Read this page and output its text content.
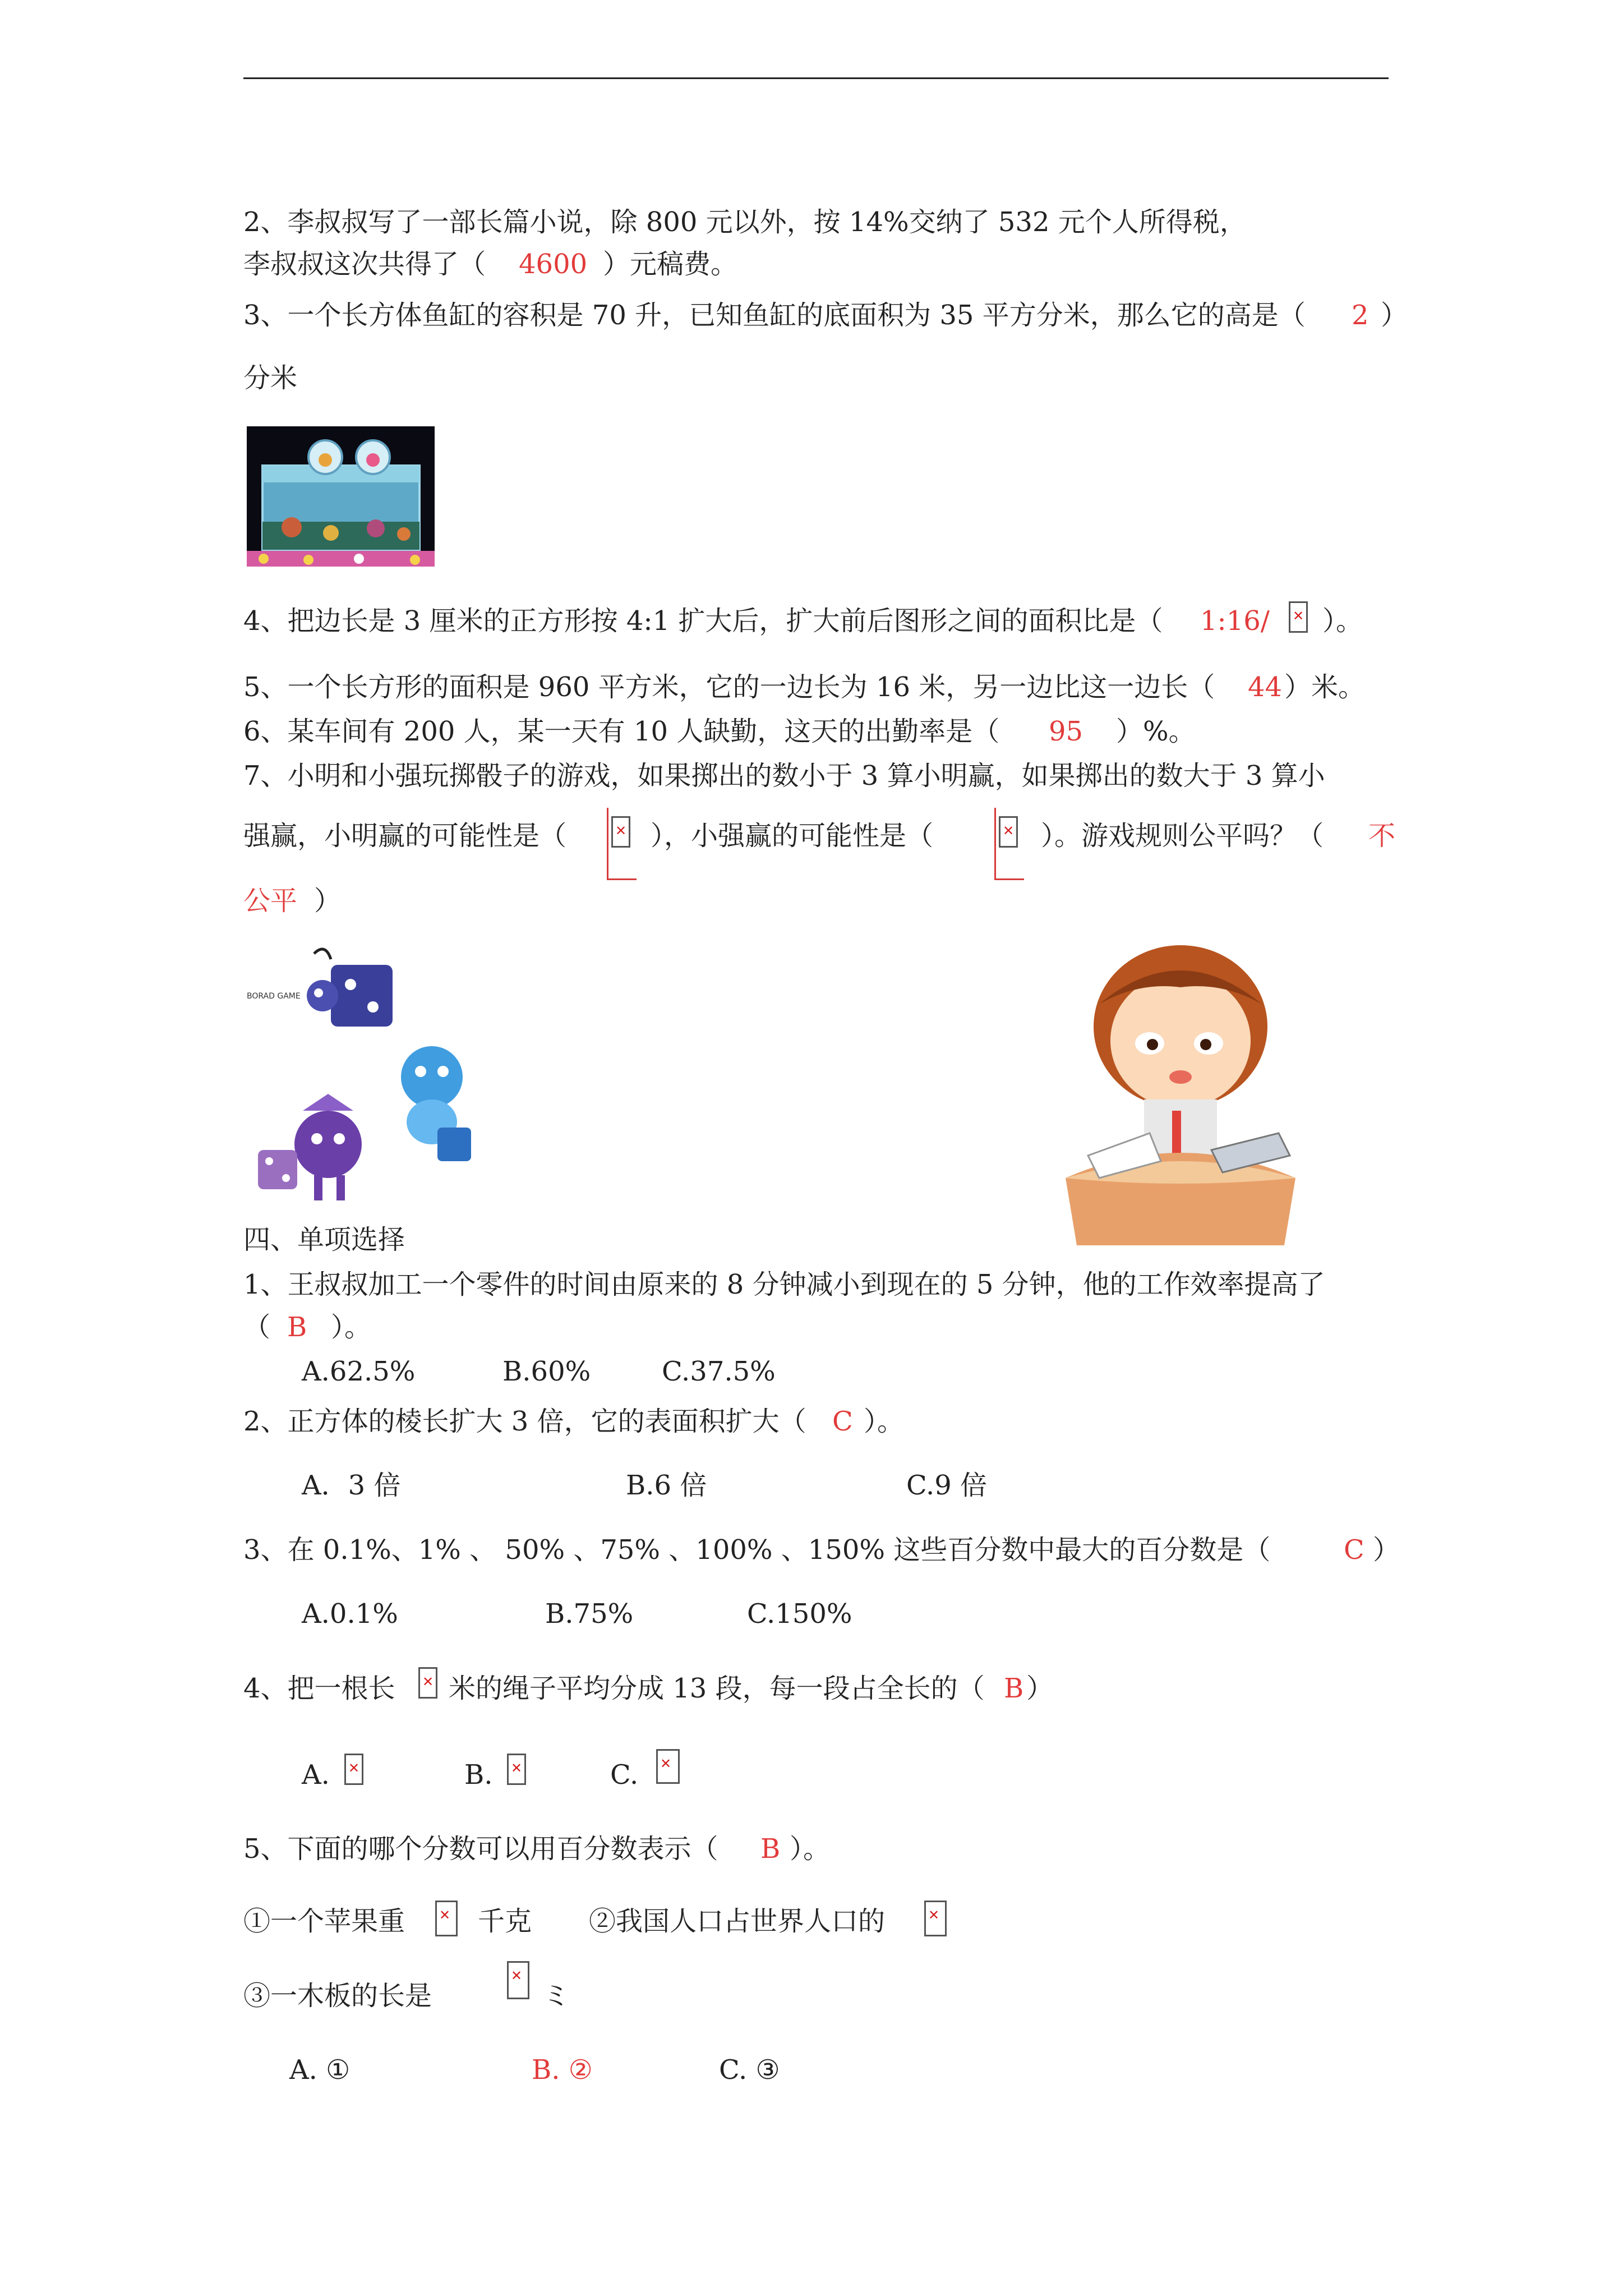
2、李叔叔写了一部长篇小说，除 800 元以外，按 14%交纳了 532 元个人所得税，
李叔叔这次共得了（ 4600 ）元稿费。
3、一个长方体鱼缸的容积是 70 升，已知鱼缸的底面积为 35 平方分米，那么它的高是（ 2 ）
分米
4、把边长是 3 厘米的正方形按 4:1 扩大后，扩大前后图形之间的面积比是（ 1:16/ ✕ ）。
5、一个长方形的面积是 960 平方米，它的一边长为 16 米，另一边比这一边长（ 44 ）米。
6、某车间有 200 人，某一天有 10 人缺勤，这天的出勤率是（ 95 ）%。
7、小明和小强玩掷骰子的游戏，如果掷出的数小于 3 算小明赢，如果掷出的数大于 3 算小
强赢，小明赢的可能性是（ ✕	），小强赢的可能性是（ ✕	）。游戏规则公平吗？（ 不
公平 ）
BORAD GAME
四、单项选择
1、王叔叔加工一个零件的时间由原来的 8 分钟减小到现在的 5 分钟，他的工作效率提高了
（ B ）。
A.62.5%	B.60%	C.37.5%
2、正方体的棱长扩大 3 倍，它的表面积扩大（ C ）。
A．3 倍	B.6 倍	C.9 倍
3、在 0.1%、1% 、 50% 、75% 、100% 、150% 这些百分数中最大的百分数是（	C ）
A.0.1%	B.75%	C.150%
4、把一根长 ✕ 米的绳子平均分成 13 段，每一段占全长的（ B ）
A. ✕	B. ✕	C.
✕
5、下面的哪个分数可以用百分数表示（ B ）。
①一个苹果重 ✕	千克 ②我国人口占世界人口的
✕
③一木板的长是 ✕	ミ
A. ①	B. ②	C. ③
